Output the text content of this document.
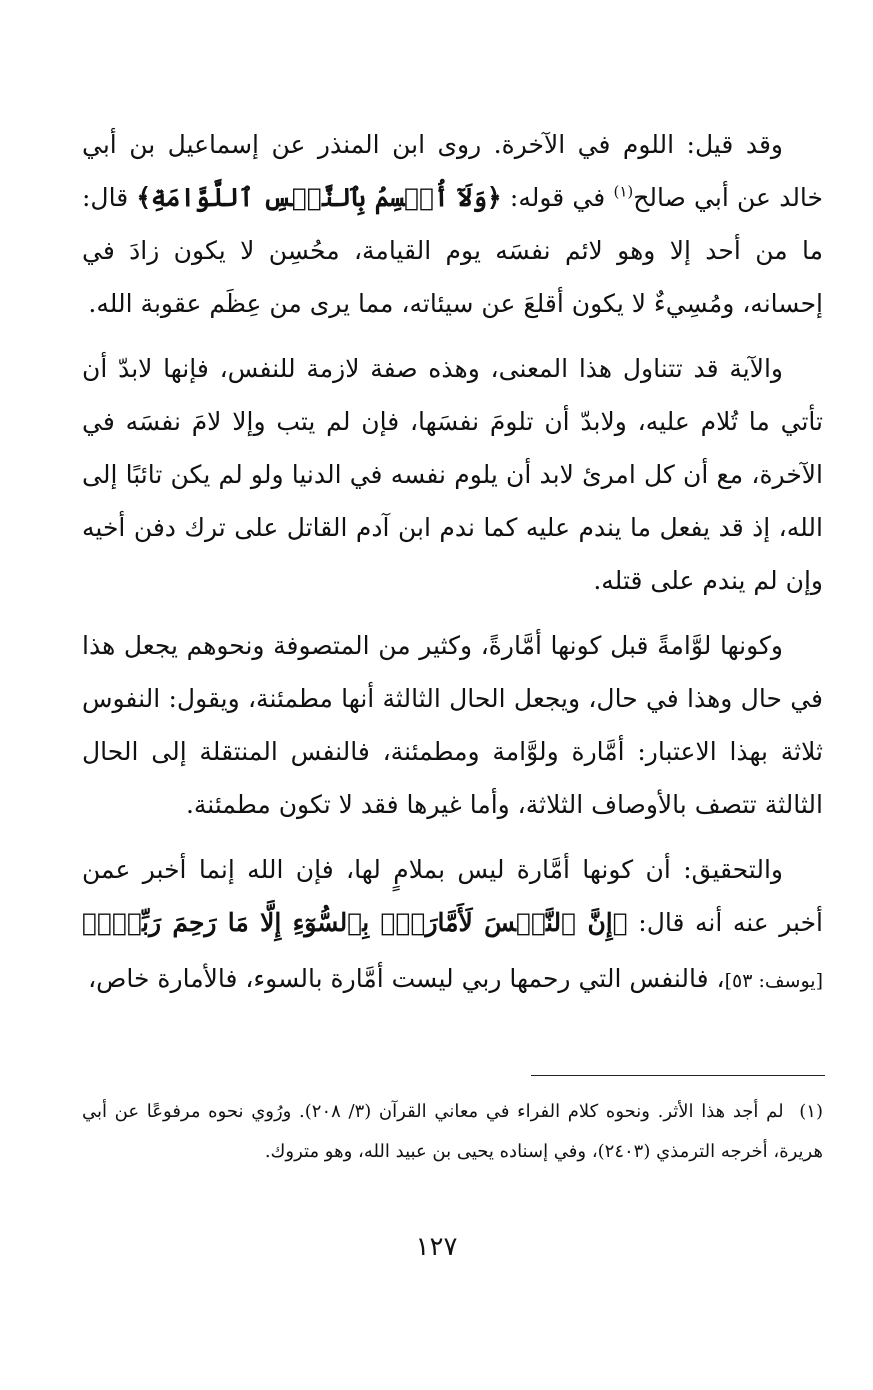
وقد قيل: اللوم في الآخرة. روى ابن المنذر عن إسماعيل بن أبي خالد عن أبي صالح$^{(١)}$ في قوله: ﴿وَلَآ أُقۡسِمُ بِٱلنَّفۡسِ ٱللَّوَّامَةِ﴾ قال: ما من أحد إلا وهو لائم نفسَه يوم القيامة، محُسِن لا يكون زادَ في إحسانه، ومُسِيءٌ لا يكون أقلعَ عن سيئاته، مما يرى من عِظَم عقوبة الله.

والآية قد تتناول هذا المعنى، وهذه صفة لازمة للنفس، فإنها لابدّ أن تأتي ما تُلام عليه، ولابدّ أن تلومَ نفسَها، فإن لم يتب وإلا لامَ نفسَه في الآخرة، مع أن كل امرئ لابد أن يلوم نفسه في الدنيا ولو لم يكن تائبًا إلى الله، إذ قد يفعل ما يندم عليه كما ندم ابن آدم القاتل على ترك دفن أخيه وإن لم يندم على قتله.

وكونها لوَّامةً قبل كونها أمَّارةً، وكثير من المتصوفة ونحوهم يجعل هذا في حال وهذا في حال، ويجعل الحال الثالثة أنها مطمئنة، ويقول: النفوس ثلاثة بهذا الاعتبار: أمَّارة ولوَّامة ومطمئنة، فالنفس المنتقلة إلى الحال الثالثة تتصف بالأوصاف الثلاثة، وأما غيرها فقد لا تكون مطمئنة.

والتحقيق: أن كونها أمَّارة ليس بملامٍ لها، فإن الله إنما أخبر عمن أخبر عنه أنه قال: ﴿إِنَّ ٱلنَّفۡسَ لَأَمَّارَةُۢ بِٱلسُّوٓءِ إِلَّا مَا رَحِمَ رَبِّيٓۚ﴾ [يوسف: ٥٣]، فالنفس التي رحمها ربي ليست أمَّارة بالسوء، فالأمارة خاص،

(١) لم أجد هذا الأثر. ونحوه كلام الفراء في معاني القرآن (٣/ ٢٠٨). ورُوي نحوه مرفوعًا عن أبي هريرة، أخرجه الترمذي (٢٤٠٣)، وفي إسناده يحيى بن عبيد الله، وهو متروك.
١٢٧
